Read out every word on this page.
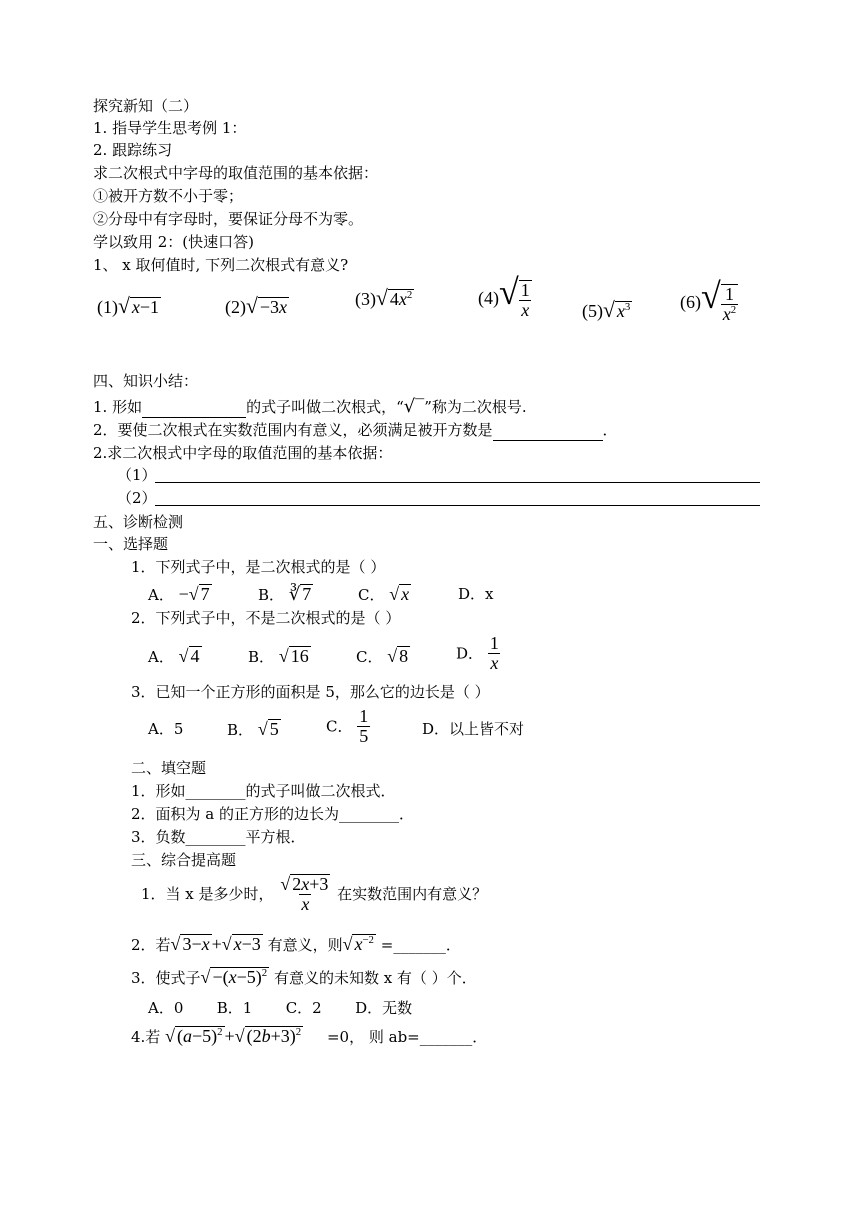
探究新知（二）
1. 指导学生思考例 1：
2. 跟踪练习
求二次根式中字母的取值范围的基本依据：
①被开方数不小于零；
②分母中有字母时，要保证分母不为零。
学以致用 2：(快速口答)
1、 x 取何值时, 下列二次根式有意义?
(1)√ x−1	(2)√ −3x	(3)√ $4x^2$	$(4)√ \frac{1}{x}$	(5)√ $x^3$	$(6)√ \frac{1}{x^2}$
四、知识小结：
1. 形如	的式子叫做二次根式，“√‾”称为二次根号.
2．要使二次根式在实数范围内有意义，必须满足被开方数是	．
2.求二次根式中字母的取值范围的基本依据：
（1）
（2）
五、诊断检测
一、选择题
1．下列式子中，是二次根式的是（ ）
A． −√ 7	B． ∛ 7	C． √ x	D．x
2．下列式子中，不是二次根式的是（ ）
A． √ 4	B． √ 16	C． √ 8	D． $\frac{1}{x}$
3．已知一个正方形的面积是 5，那么它的边长是（ ）
A．5	B． √ 5	C． $\frac{1}{5}$	D．以上皆不对
二、填空题
1．形如________的式子叫做二次根式．
2．面积为 a 的正方形的边长为________．
3．负数________平方根．
三、综合提高题
1．当 x 是多少时， $\frac{√ 2x+3}{x}$ 在实数范围内有意义？
2．若√ 3−x +√ x−3 有意义，则√ $x^{-2}$ =_______．
3．使式子√ $-(x-5)^2$ 有意义的未知数 x 有（ ）个．
A．0       B．1       C．2       D．无数
4.若 √ $(a-5)^2$ +√ $(2b+3)^2 =0$， 则 ab=_______．
